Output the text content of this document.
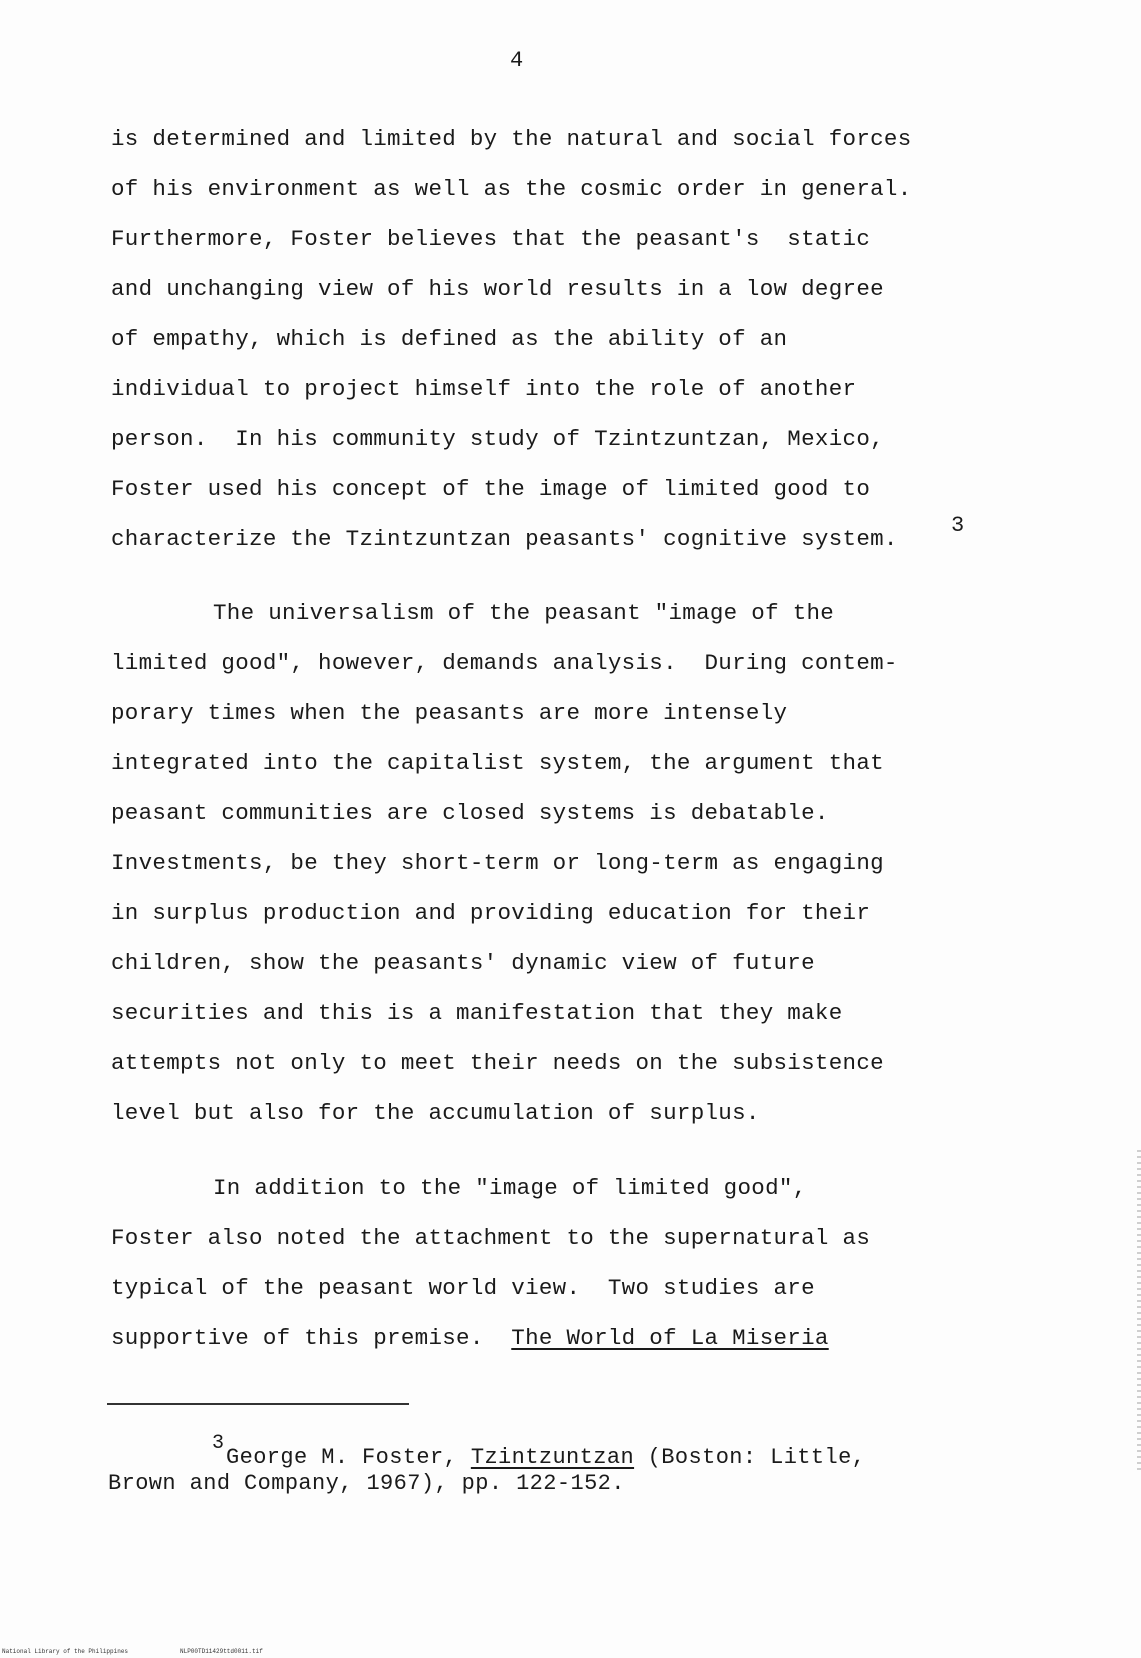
4
is determined and limited by the natural and social forces
of his environment as well as the cosmic order in general.
Furthermore, Foster believes that the peasant's  static
and unchanging view of his world results in a low degree
of empathy, which is defined as the ability of an
individual to project himself into the role of another
person.  In his community study of Tzintzuntzan, Mexico,
Foster used his concept of the image of limited good to
characterize the Tzintzuntzan peasants' cognitive system.
3
The universalism of the peasant "image of the
limited good", however, demands analysis.  During contem-
porary times when the peasants are more intensely
integrated into the capitalist system, the argument that
peasant communities are closed systems is debatable.
Investments, be they short-term or long-term as engaging
in surplus production and providing education for their
children, show the peasants' dynamic view of future
securities and this is a manifestation that they make
attempts not only to meet their needs on the subsistence
level but also for the accumulation of surplus.
In addition to the "image of limited good",
Foster also noted the attachment to the supernatural as
typical of the peasant world view.  Two studies are
supportive of this premise.  The World of La Miseria
3
George M. Foster, Tzintzuntzan (Boston: Little,
Brown and Company, 1967), pp. 122-152.
National Library of the Philippines	NLP00TD11429ttd0011.tif
